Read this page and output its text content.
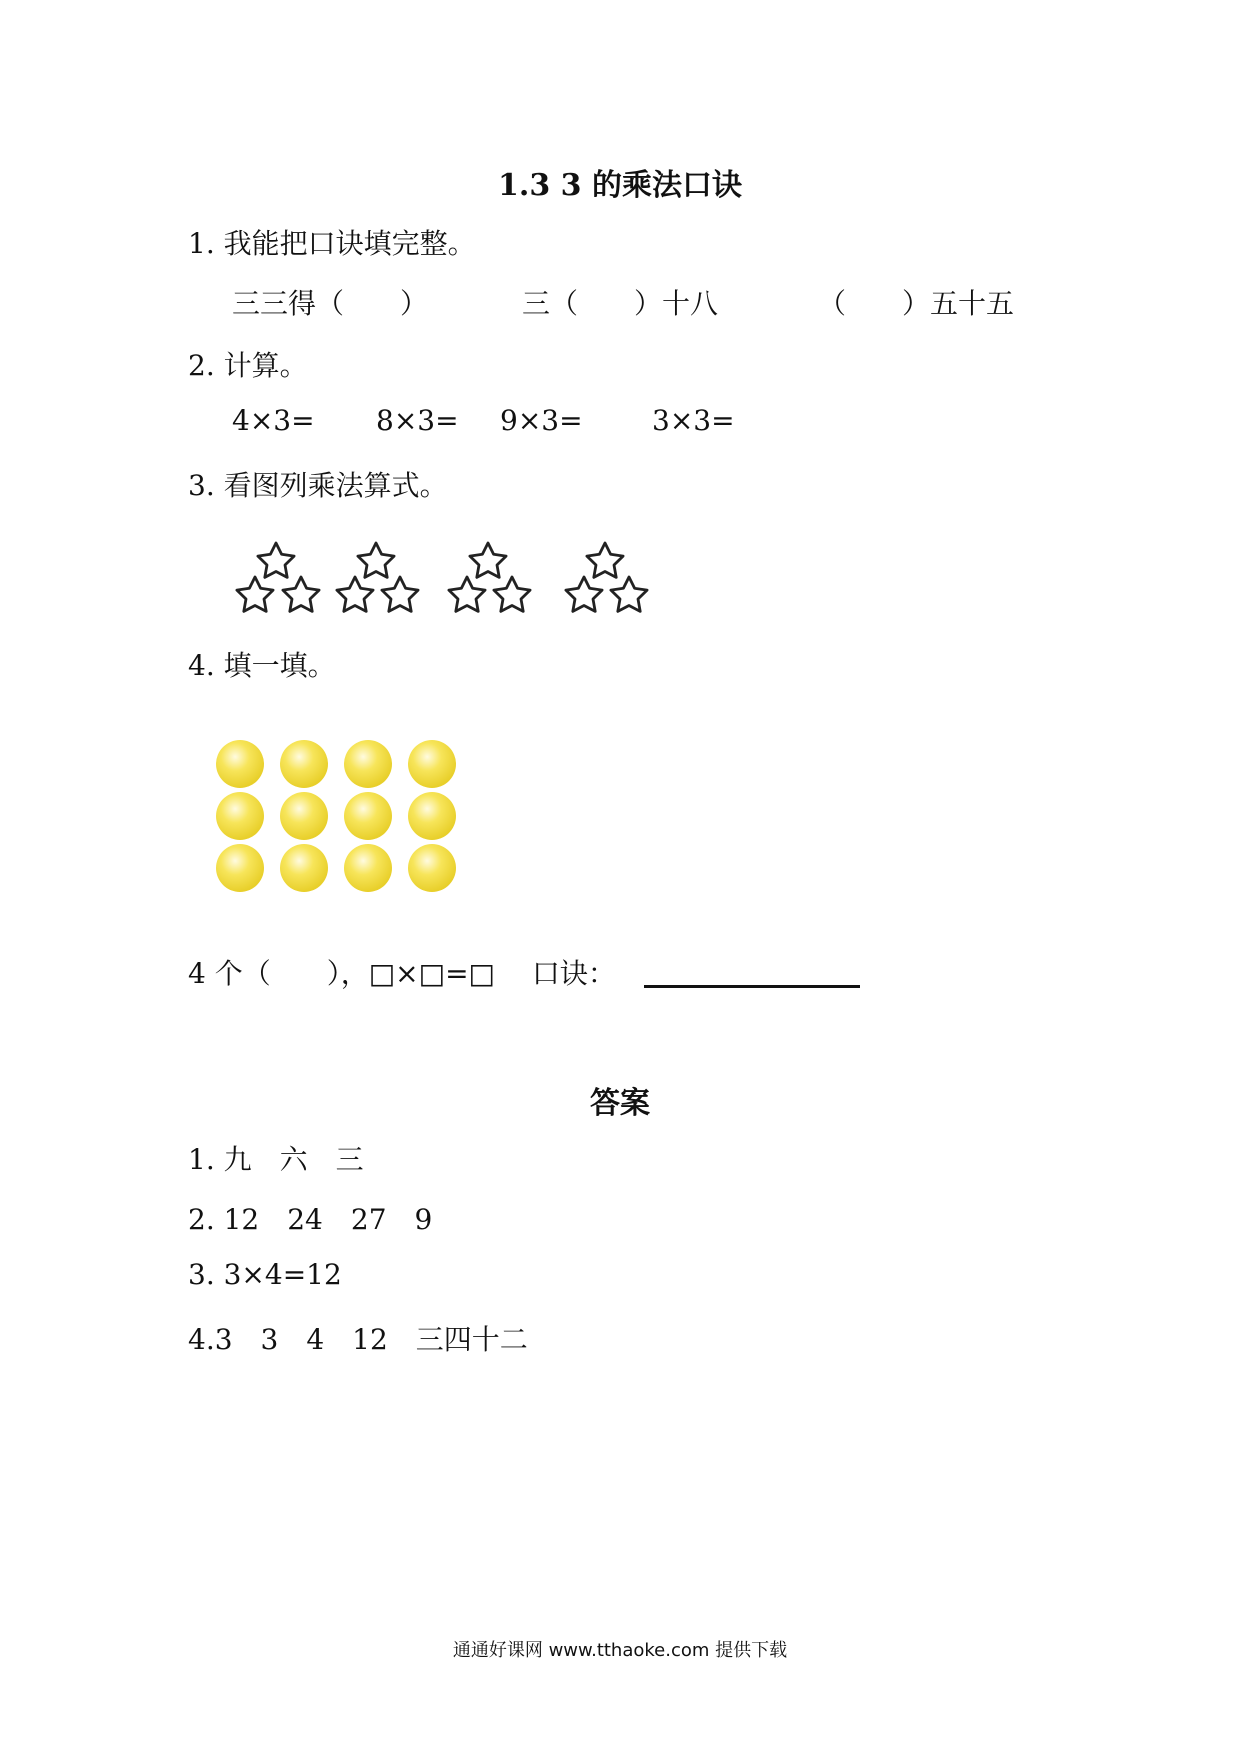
1.3 3 的乘法口诀
1. 我能把口诀填完整。
三三得（　　）	三（　　）十八	（　　）五十五
2. 计算。
4×3= 8×3= 9×3= 3×3=
3. 看图列乘法算式。
4. 填一填。
4 个（　　），□×□=□　 口诀：
答案
1. 九　六　三
2. 12　24　27　9
3. 3×4=12
4.3　3　4　12　三四十二
通通好课网 www.tthaoke.com 提供下载
